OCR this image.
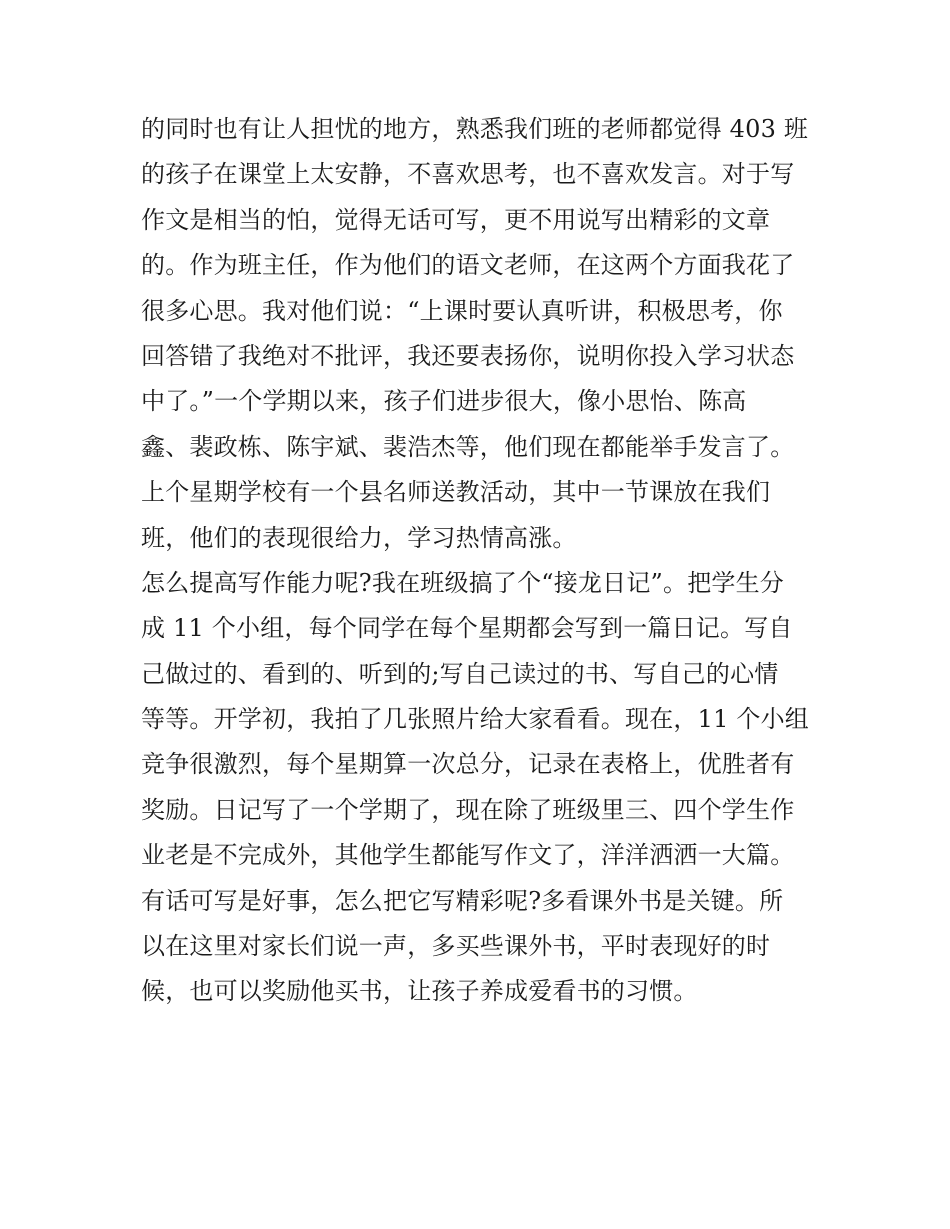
的同时也有让人担忧的地方，熟悉我们班的老师都觉得 403 班
的孩子在课堂上太安静，不喜欢思考，也不喜欢发言。对于写
作文是相当的怕，觉得无话可写，更不用说写出精彩的文章
的。作为班主任，作为他们的语文老师，在这两个方面我花了
很多心思。我对他们说：“上课时要认真听讲，积极思考，你
回答错了我绝对不批评，我还要表扬你，说明你投入学习状态
中了。”一个学期以来，孩子们进步很大，像小思怡、陈高
鑫、裴政栋、陈宇斌、裴浩杰等，他们现在都能举手发言了。
上个星期学校有一个县名师送教活动，其中一节课放在我们
班，他们的表现很给力，学习热情高涨。
怎么提高写作能力呢?我在班级搞了个“接龙日记”。把学生分
成 11 个小组，每个同学在每个星期都会写到一篇日记。写自
己做过的、看到的、听到的;写自己读过的书、写自己的心情
等等。开学初，我拍了几张照片给大家看看。现在，11 个小组
竞争很激烈，每个星期算一次总分，记录在表格上，优胜者有
奖励。日记写了一个学期了，现在除了班级里三、四个学生作
业老是不完成外，其他学生都能写作文了，洋洋洒洒一大篇。
有话可写是好事，怎么把它写精彩呢?多看课外书是关键。所
以在这里对家长们说一声，多买些课外书，平时表现好的时
候，也可以奖励他买书，让孩子养成爱看书的习惯。
